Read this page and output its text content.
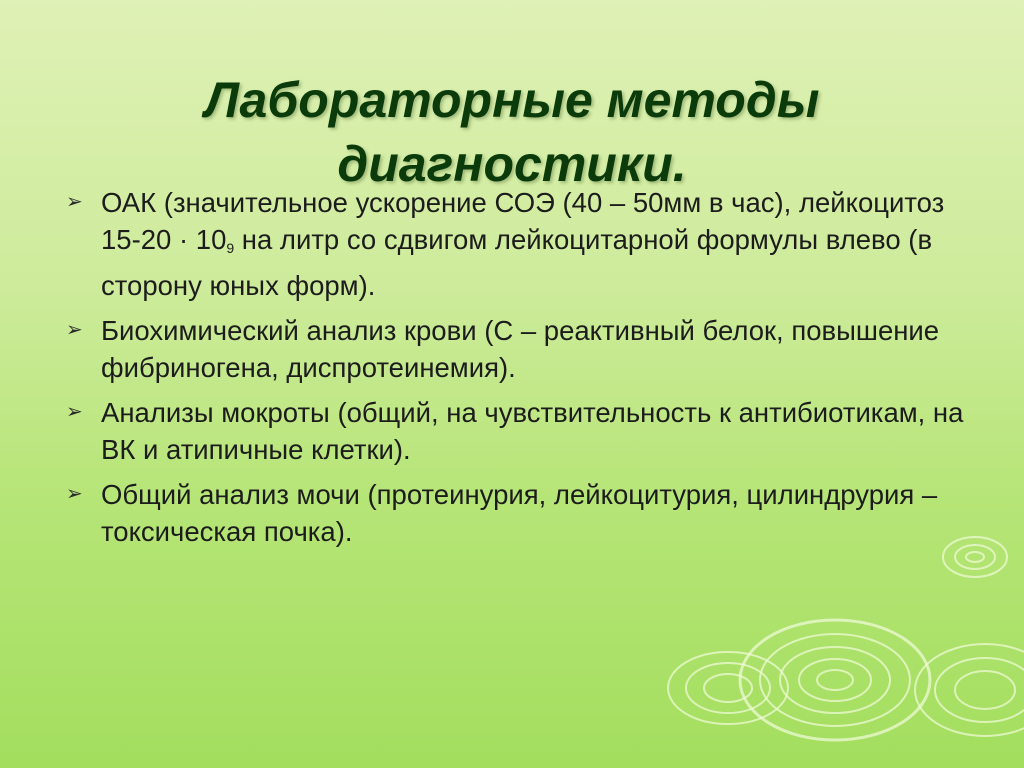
Лабораторные методы
диагностики.
➢ ОАК (значительное ускорение СОЭ (40 – 50мм в час), лейкоцитоз $15-20 \cdot 10_9$ на литр со сдвигом лейкоцитарной формулы влево (в сторону юных форм).
➢ Биохимический анализ крови (С – реактивный белок, повышение фибриногена, диспротеинемия).
➢ Анализы мокроты (общий, на чувствительность к антибиотикам, на ВК и атипичные клетки).
➢ Общий анализ мочи (протеинурия, лейкоцитурия, цилиндрурия – токсическая почка).
